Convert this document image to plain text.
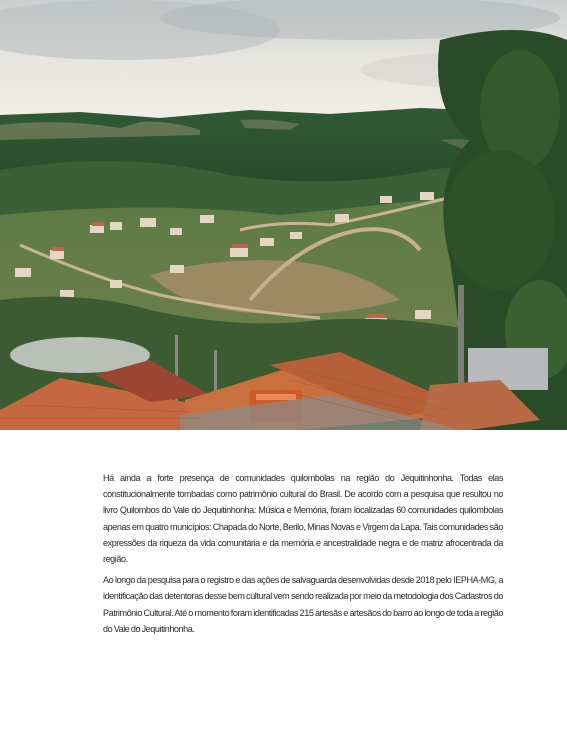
Há ainda a forte presença de comunidades quilombolas na região do Jequitinhonha. Todas elas constitucionalmente tombadas como patrimônio cultural do Brasil. De acordo com a pesquisa que resultou no livro Quilombos do Vale do Jequitinhonha: Música e Memória, foram localizadas 60 comunidades quilombolas apenas em quatro municípios: Chapada do Norte, Berilo, Minas Novas e Virgem da Lapa. Tais comunidades são expressões da riqueza da vida comunitária e da memória e ancestralidade negra e de matriz afrocentrada da região.

Ao longo da pesquisa para o registro e das ações de salvaguarda desenvolvidas desde 2018 pelo IEPHA-MG, a identificação das detentoras desse bem cultural vem sendo realizada por meio da metodologia dos Cadastros do Patrimônio Cultural. Até o momento foram identificadas 215 artesãs e artesãos do barro ao longo de toda a região do Vale do Jequitinhonha.
